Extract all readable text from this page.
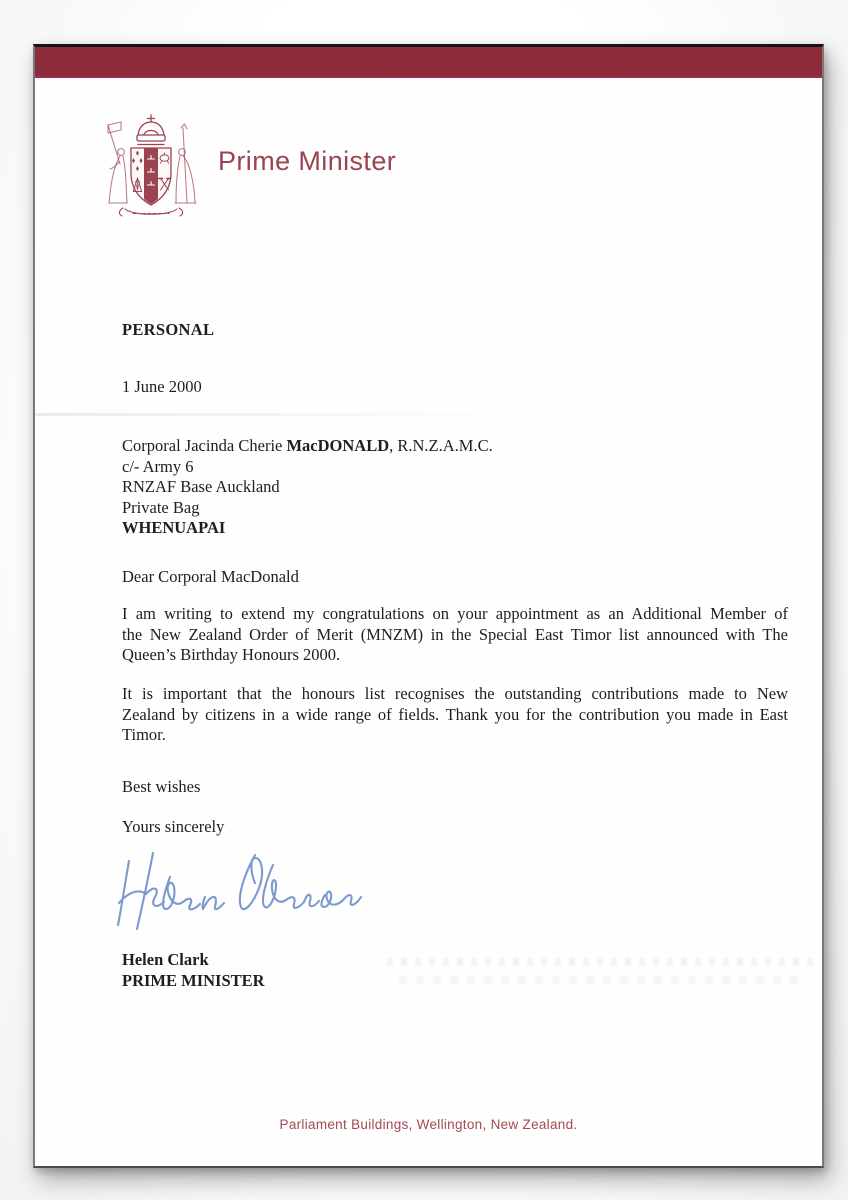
Prime Minister
PERSONAL
1 June 2000
Corporal Jacinda Cherie MacDONALD, R.N.Z.A.M.C.
c/- Army 6
RNZAF Base Auckland
Private Bag
WHENUAPAI
Dear Corporal MacDonald
I am writing to extend my congratulations on your appointment as an Additional Member of
the New Zealand Order of Merit (MNZM) in the Special East Timor list announced with The
Queen’s Birthday Honours 2000.
It is important that the honours list recognises the outstanding contributions made to New
Zealand by citizens in a wide range of fields. Thank you for the contribution you made in East
Timor.
Best wishes
Yours sincerely
Helen Clark
PRIME MINISTER
Parliament Buildings, Wellington, New Zealand.
